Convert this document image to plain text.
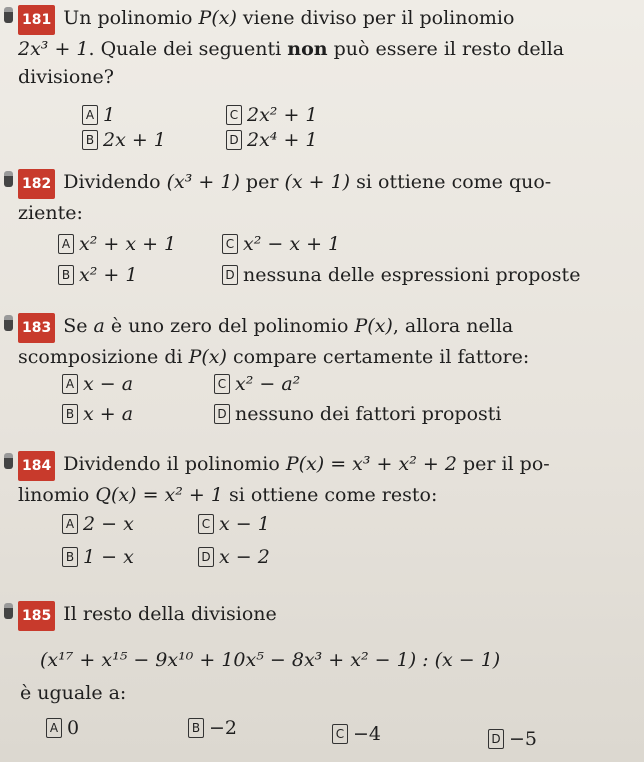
181 Un polinomio P(x) viene diviso per il polinomio
2x³ + 1. Quale dei seguenti non può essere il resto della
divisione?

A 1	C 2x² + 1
B 2x + 1	D 2x⁴ + 1

182 Dividendo (x³ + 1) per (x + 1) si ottiene come quo-
ziente:

A x² + x + 1	C x² − x + 1
B x² + 1	D nessuna delle espressioni proposte

183 Se a è uno zero del polinomio P(x), allora nella
scomposizione di P(x) compare certamente il fattore:

A x − a	C x² − a²
B x + a	D nessuno dei fattori proposti

184 Dividendo il polinomio P(x) = x³ + x² + 2 per il po-
linomio Q(x) = x² + 1 si ottiene come resto:

A 2 − x	C x − 1
B 1 − x	D x − 2

185 Il resto della divisione

(x¹⁷ + x¹⁵ − 9x¹⁰ + 10x⁵ − 8x³ + x² − 1) : (x − 1)
è uguale a:
A 0	B −2	C −4	D −5
